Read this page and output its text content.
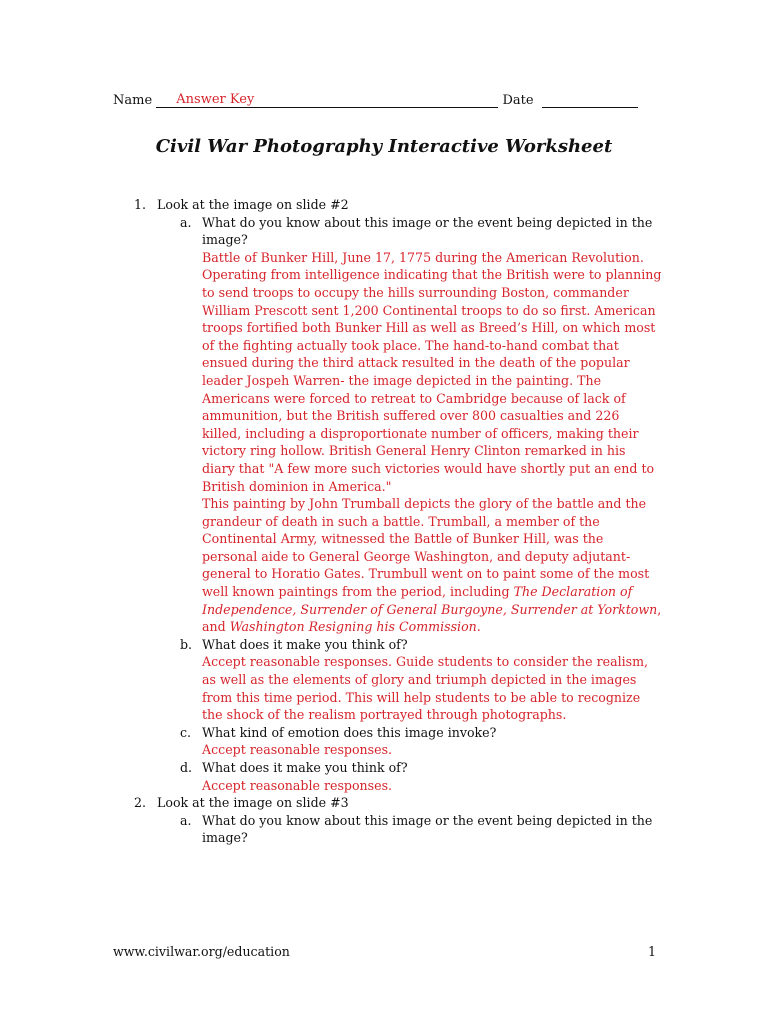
Name Answer Key	Date
Civil War Photography Interactive Worksheet
1. Look at the image on slide #2
a. What do you know about this image or the event being depicted in the image?
Battle of Bunker Hill, June 17, 1775 during the American Revolution. Operating from intelligence indicating that the British were to planning to send troops to occupy the hills surrounding Boston, commander William Prescott sent 1,200 Continental troops to do so first. American troops fortified both Bunker Hill as well as Breed’s Hill, on which most of the fighting actually took place. The hand-to-hand combat that ensued during the third attack resulted in the death of the popular leader Jospeh Warren- the image depicted in the painting. The Americans were forced to retreat to Cambridge because of lack of ammunition, but the British suffered over 800 casualties and 226 killed, including a disproportionate number of officers, making their victory ring hollow. British General Henry Clinton remarked in his diary that "A few more such victories would have shortly put an end to British dominion in America."
This painting by John Trumball depicts the glory of the battle and the grandeur of death in such a battle. Trumball, a member of the Continental Army, witnessed the Battle of Bunker Hill, was the personal aide to General George Washington, and deputy adjutant-general to Horatio Gates. Trumbull went on to paint some of the most well known paintings from the period, including The Declaration of Independence, Surrender of General Burgoyne, Surrender at Yorktown, and Washington Resigning his Commission.
b. What does it make you think of?
Accept reasonable responses. Guide students to consider the realism, as well as the elements of glory and triumph depicted in the images from this time period. This will help students to be able to recognize the shock of the realism portrayed through photographs.
c. What kind of emotion does this image invoke?
Accept reasonable responses.
d. What does it make you think of?
Accept reasonable responses.
2. Look at the image on slide #3
a. What do you know about this image or the event being depicted in the image?
www.civilwar.org/education	1
